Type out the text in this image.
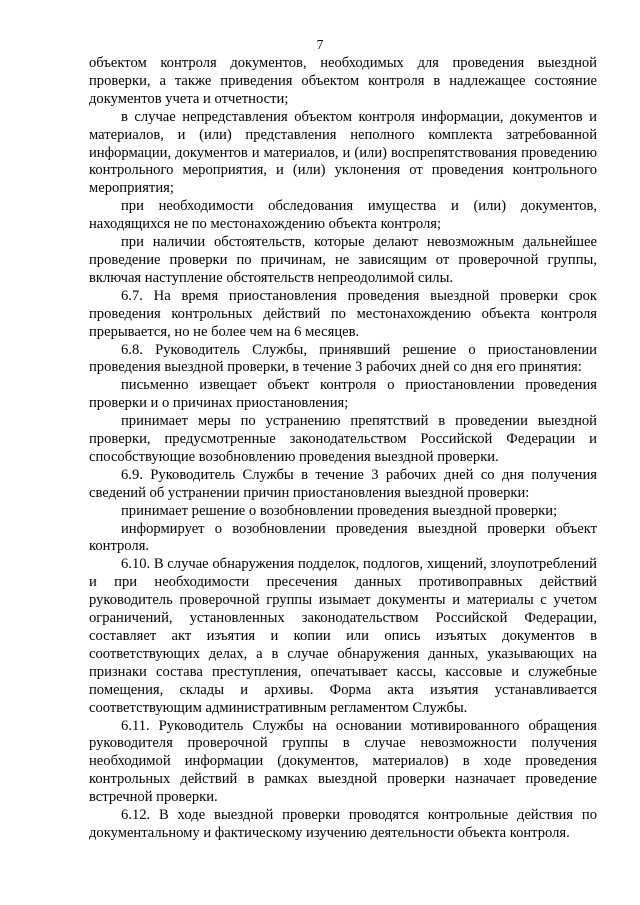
7

объектом контроля документов, необходимых для проведения выездной проверки, а также приведения объектом контроля в надлежащее состояние документов учета и отчетности;

в случае непредставления объектом контроля информации, документов и материалов, и (или) представления неполного комплекта затребованной информации, документов и материалов, и (или) воспрепятствования проведению контрольного мероприятия, и (или) уклонения от проведения контрольного мероприятия;

при необходимости обследования имущества и (или) документов, находящихся не по местонахождению объекта контроля;

при наличии обстоятельств, которые делают невозможным дальнейшее проведение проверки по причинам, не зависящим от проверочной группы, включая наступление обстоятельств непреодолимой силы.

6.7. На время приостановления проведения выездной проверки срок проведения контрольных действий по местонахождению объекта контроля прерывается, но не более чем на 6 месяцев.

6.8. Руководитель Службы, принявший решение о приостановлении проведения выездной проверки, в течение 3 рабочих дней со дня его принятия:

письменно извещает объект контроля о приостановлении проведения проверки и о причинах приостановления;

принимает меры по устранению препятствий в проведении выездной проверки, предусмотренные законодательством Российской Федерации и способствующие возобновлению проведения выездной проверки.

6.9. Руководитель Службы в течение 3 рабочих дней со дня получения сведений об устранении причин приостановления выездной проверки:

принимает решение о возобновлении проведения выездной проверки;

информирует о возобновлении проведения выездной проверки объект контроля.

6.10. В случае обнаружения подделок, подлогов, хищений, злоупотреблений и при необходимости пресечения данных противоправных действий руководитель проверочной группы изымает документы и материалы с учетом ограничений, установленных законодательством Российской Федерации, составляет акт изъятия и копии или опись изъятых документов в соответствующих делах, а в случае обнаружения данных, указывающих на признаки состава преступления, опечатывает кассы, кассовые и служебные помещения, склады и архивы. Форма акта изъятия устанавливается соответствующим административным регламентом Службы.

6.11. Руководитель Службы на основании мотивированного обращения руководителя проверочной группы в случае невозможности получения необходимой информации (документов, материалов) в ходе проведения контрольных действий в рамках выездной проверки назначает проведение встречной проверки.

6.12. В ходе выездной проверки проводятся контрольные действия по документальному и фактическому изучению деятельности объекта контроля.
